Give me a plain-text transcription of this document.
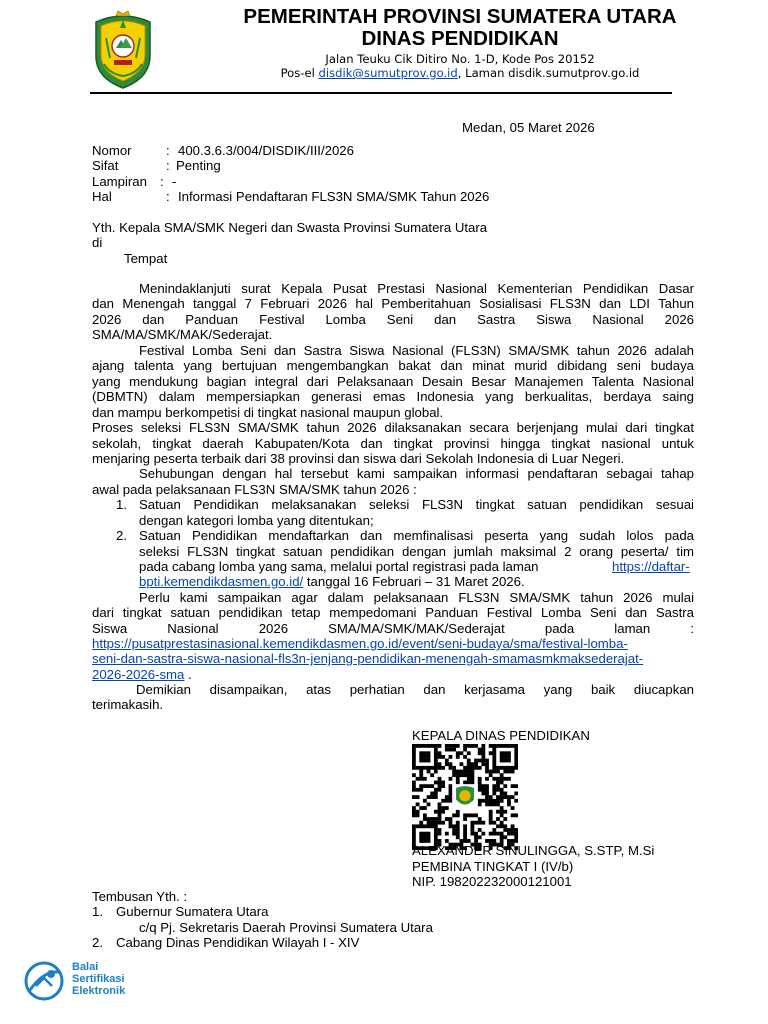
PEMERINTAH PROVINSI SUMATERA UTARA
DINAS PENDIDIKAN
Jalan Teuku Cik Ditiro No. 1-D, Kode Pos 20152
Pos-el disdik@sumutprov.go.id, Laman disdik.sumutprov.go.id
Medan, 05 Maret 2026
Nomor	: 400.3.6.3/004/DISDIK/III/2026
Sifat	: Penting
Lampiran : -
Hal	: Informasi Pendaftaran FLS3N SMA/SMK Tahun 2026
Yth. Kepala SMA/SMK Negeri dan Swasta Provinsi Sumatera Utara
di
Tempat
Menindaklanjuti surat Kepala Pusat Prestasi Nasional Kementerian Pendidikan Dasar
dan Menengah tanggal 7 Februari 2026 hal Pemberitahuan Sosialisasi FLS3N dan LDI Tahun
2026 dan Panduan Festival Lomba Seni dan Sastra Siswa Nasional 2026
SMA/MA/SMK/MAK/Sederajat.
Festival Lomba Seni dan Sastra Siswa Nasional (FLS3N) SMA/SMK tahun 2026 adalah
ajang talenta yang bertujuan mengembangkan bakat dan minat murid dibidang seni budaya
yang mendukung bagian integral dari Pelaksanaan Desain Besar Manajemen Talenta Nasional
(DBMTN) dalam mempersiapkan generasi emas Indonesia yang berkualitas, berdaya saing
dan mampu berkompetisi di tingkat nasional maupun global.
Proses seleksi FLS3N SMA/SMK tahun 2026 dilaksanakan secara berjenjang mulai dari tingkat
sekolah, tingkat daerah Kabupaten/Kota dan tingkat provinsi hingga tingkat nasional untuk
menjaring peserta terbaik dari 38 provinsi dan siswa dari Sekolah Indonesia di Luar Negeri.
Sehubungan dengan hal tersebut kami sampaikan informasi pendaftaran sebagai tahap
awal pada pelaksanaan FLS3N SMA/SMK tahun 2026 :
1. Satuan Pendidikan melaksanakan seleksi FLS3N tingkat satuan pendidikan sesuai
dengan kategori lomba yang ditentukan;
2. Satuan Pendidikan mendaftarkan dan memfinalisasi peserta yang sudah lolos pada
seleksi FLS3N tingkat satuan pendidikan dengan jumlah maksimal 2 orang peserta/ tim
pada cabang lomba yang sama, melalui portal registrasi pada laman	https://daftar-
bpti.kemendikdasmen.go.id/ tanggal 16 Februari – 31 Maret 2026.
Perlu kami sampaikan agar dalam pelaksanaan FLS3N SMA/SMK tahun 2026 mulai
dari tingkat satuan pendidikan tetap mempedomani Panduan Festival Lomba Seni dan Sastra
Siswa Nasional 2026 SMA/MA/SMK/MAK/Sederajat pada laman :
https://pusatprestasinasional.kemendikdasmen.go.id/event/seni-budaya/sma/festival-lomba-
seni-dan-sastra-siswa-nasional-fls3n-jenjang-pendidikan-menengah-smamasmkmaksederajat-
2026-2026-sma .
Demikian disampaikan, atas perhatian dan kerjasama yang baik diucapkan
terimakasih.
KEPALA DINAS PENDIDIKAN
ALEXANDER SINULINGGA, S.STP, M.Si
PEMBINA TINGKAT I (IV/b)
NIP. 198202232000121001
Tembusan Yth. :
1. Gubernur Sumatera Utara
c/q Pj. Sekretaris Daerah Provinsi Sumatera Utara
2. Cabang Dinas Pendidikan Wilayah I - XIV
Balai
Sertifikasi
Elektronik
